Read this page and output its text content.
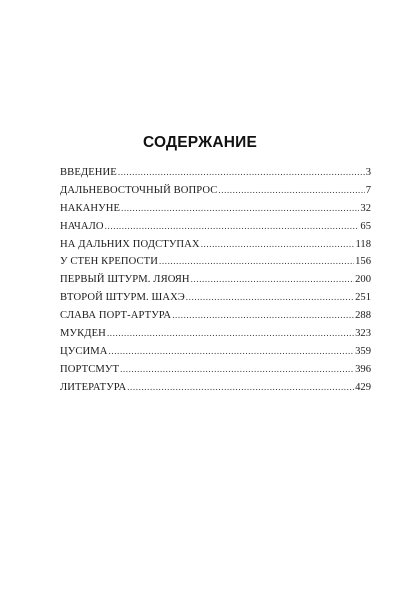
СОДЕРЖАНИЕ
ВВЕДЕНИЕ .....	3
ДАЛЬНЕВОСТОЧНЫЙ ВОПРОС .....	7
НАКАНУНЕ .....	32
НАЧАЛО .....	65
НА ДАЛЬНИХ ПОДСТУПАХ .....	118
У СТЕН КРЕПОСТИ .....	156
ПЕРВЫЙ ШТУРМ. ЛЯОЯН .....	200
ВТОРОЙ ШТУРМ. ШАХЭ .....	251
СЛАВА ПОРТ-АРТУРА .....	288
МУКДЕН .....	323
ЦУСИМА .....	359
ПОРТСМУТ .....	396
ЛИТЕРАТУРА .....	429
